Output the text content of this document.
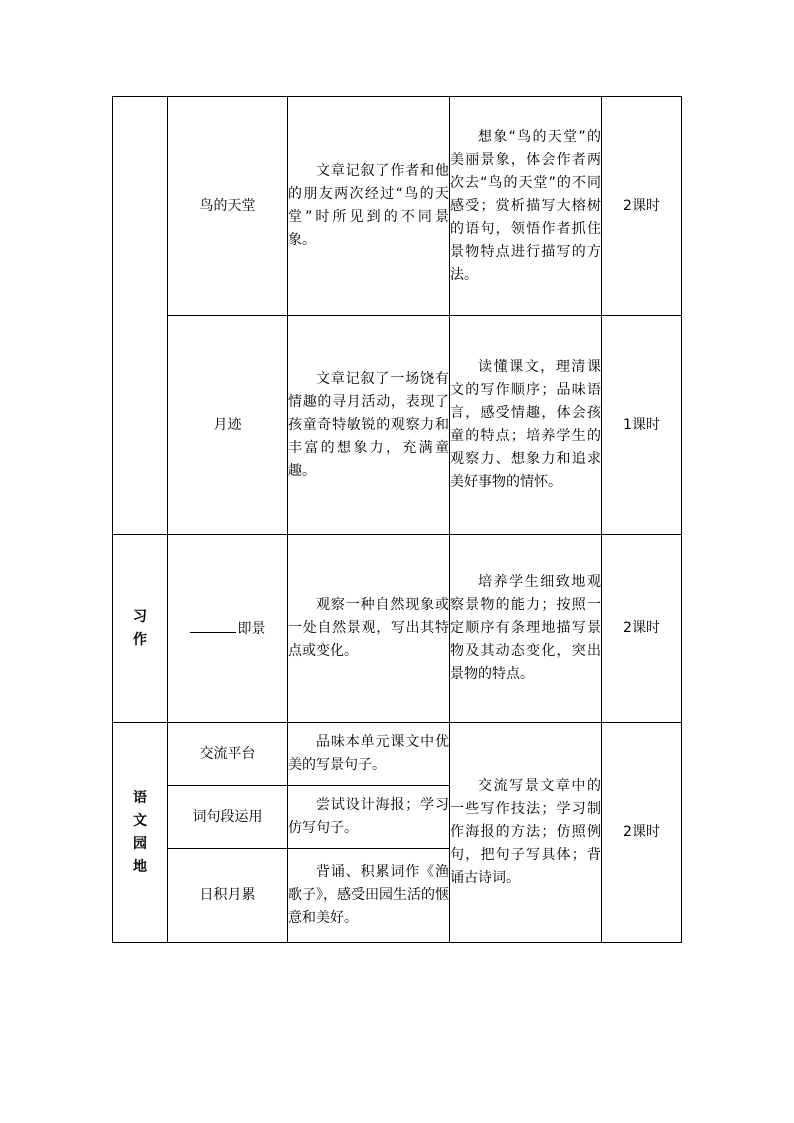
	鸟的天堂	文章记叙了作者和他的朋友两次经过“鸟的天堂”时所见到的不同景象。	想象“鸟的天堂”的美丽景象，体会作者两次去“鸟的天堂”的不同感受；赏析描写大榕树的语句，领悟作者抓住景物特点进行描写的方法。	2课时
	月迹	文章记叙了一场饶有情趣的寻月活动，表现了孩童奇特敏锐的观察力和丰富的想象力，充满童趣。	读懂课文，理清课文的写作顺序；品味语言，感受情趣，体会孩童的特点；培养学生的观察力、想象力和追求美好事物的情怀。	1课时

习
作	即景	观察一种自然现象或一处自然景观，写出其特点或变化。	培养学生细致地观察景物的能力；按照一定顺序有条理地描写景物及其动态变化，突出景物的特点。	2课时

语
文
园
地	交流平台	品味本单元课文中优美的写景句子。	交流写景文章中的一些写作技法；学习制作海报的方法；仿照例句，把句子写具体；背诵古诗词。	2课时
	词句段运用	尝试设计海报；学习仿写句子。		
	日积月累	背诵、积累词作《渔歌子》，感受田园生活的惬意和美好。		
